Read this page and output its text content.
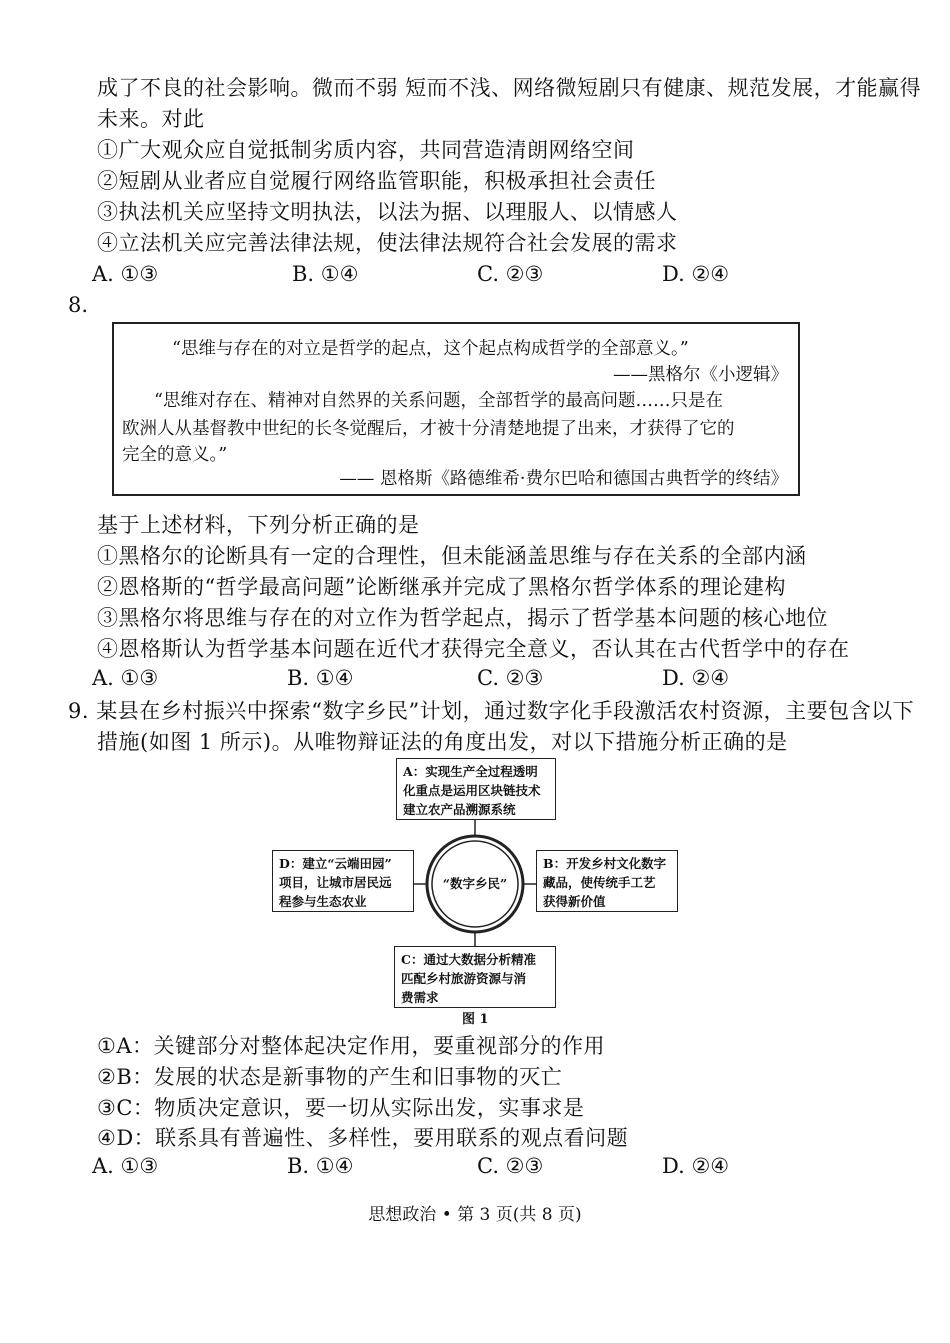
成了不良的社会影响。微而不弱 短而不浅、网络微短剧只有健康、规范发展，才能赢得
未来。对此
①广大观众应自觉抵制劣质内容，共同营造清朗网络空间
②短剧从业者应自觉履行网络监管职能，积极承担社会责任
③执法机关应坚持文明执法，以法为据、以理服人、以情感人
④立法机关应完善法律法规，使法律法规符合社会发展的需求
A. ①③	B. ①④	C. ②③	D. ②④
8.
“思维与存在的对立是哲学的起点，这个起点构成哲学的全部意义。”
——黑格尔《小逻辑》
“思维对存在、精神对自然界的关系问题，全部哲学的最高问题……只是在
欧洲人从基督教中世纪的长冬觉醒后，才被十分清楚地提了出来，才获得了它的
完全的意义。”
—— 恩格斯《路德维希·费尔巴哈和德国古典哲学的终结》
基于上述材料，下列分析正确的是
①黑格尔的论断具有一定的合理性，但未能涵盖思维与存在关系的全部内涵
②恩格斯的“哲学最高问题”论断继承并完成了黑格尔哲学体系的理论建构
③黑格尔将思维与存在的对立作为哲学起点，揭示了哲学基本问题的核心地位
④恩格斯认为哲学基本问题在近代才获得完全意义，否认其在古代哲学中的存在
A. ①③	B. ①④	C. ②③	D. ②④
9. 某县在乡村振兴中探索“数字乡民”计划，通过数字化手段激活农村资源，主要包含以下
措施(如图 1 所示)。从唯物辩证法的角度出发，对以下措施分析正确的是
A：实现生产全过程透明
化重点是运用区块链技术
建立农产品溯源系统
B：开发乡村文化数字
藏品，使传统手工艺
获得新价值
C：通过大数据分析精准
匹配乡村旅游资源与消
费需求
D：建立“云端田园”
项目，让城市居民远
程参与生态农业
“数字乡民”
图 1
①A：关键部分对整体起决定作用，要重视部分的作用
②B：发展的状态是新事物的产生和旧事物的灭亡
③C：物质决定意识，要一切从实际出发，实事求是
④D：联系具有普遍性、多样性，要用联系的观点看问题
A. ①③	B. ①④	C. ②③	D. ②④
思想政治 • 第 3 页(共 8 页)
